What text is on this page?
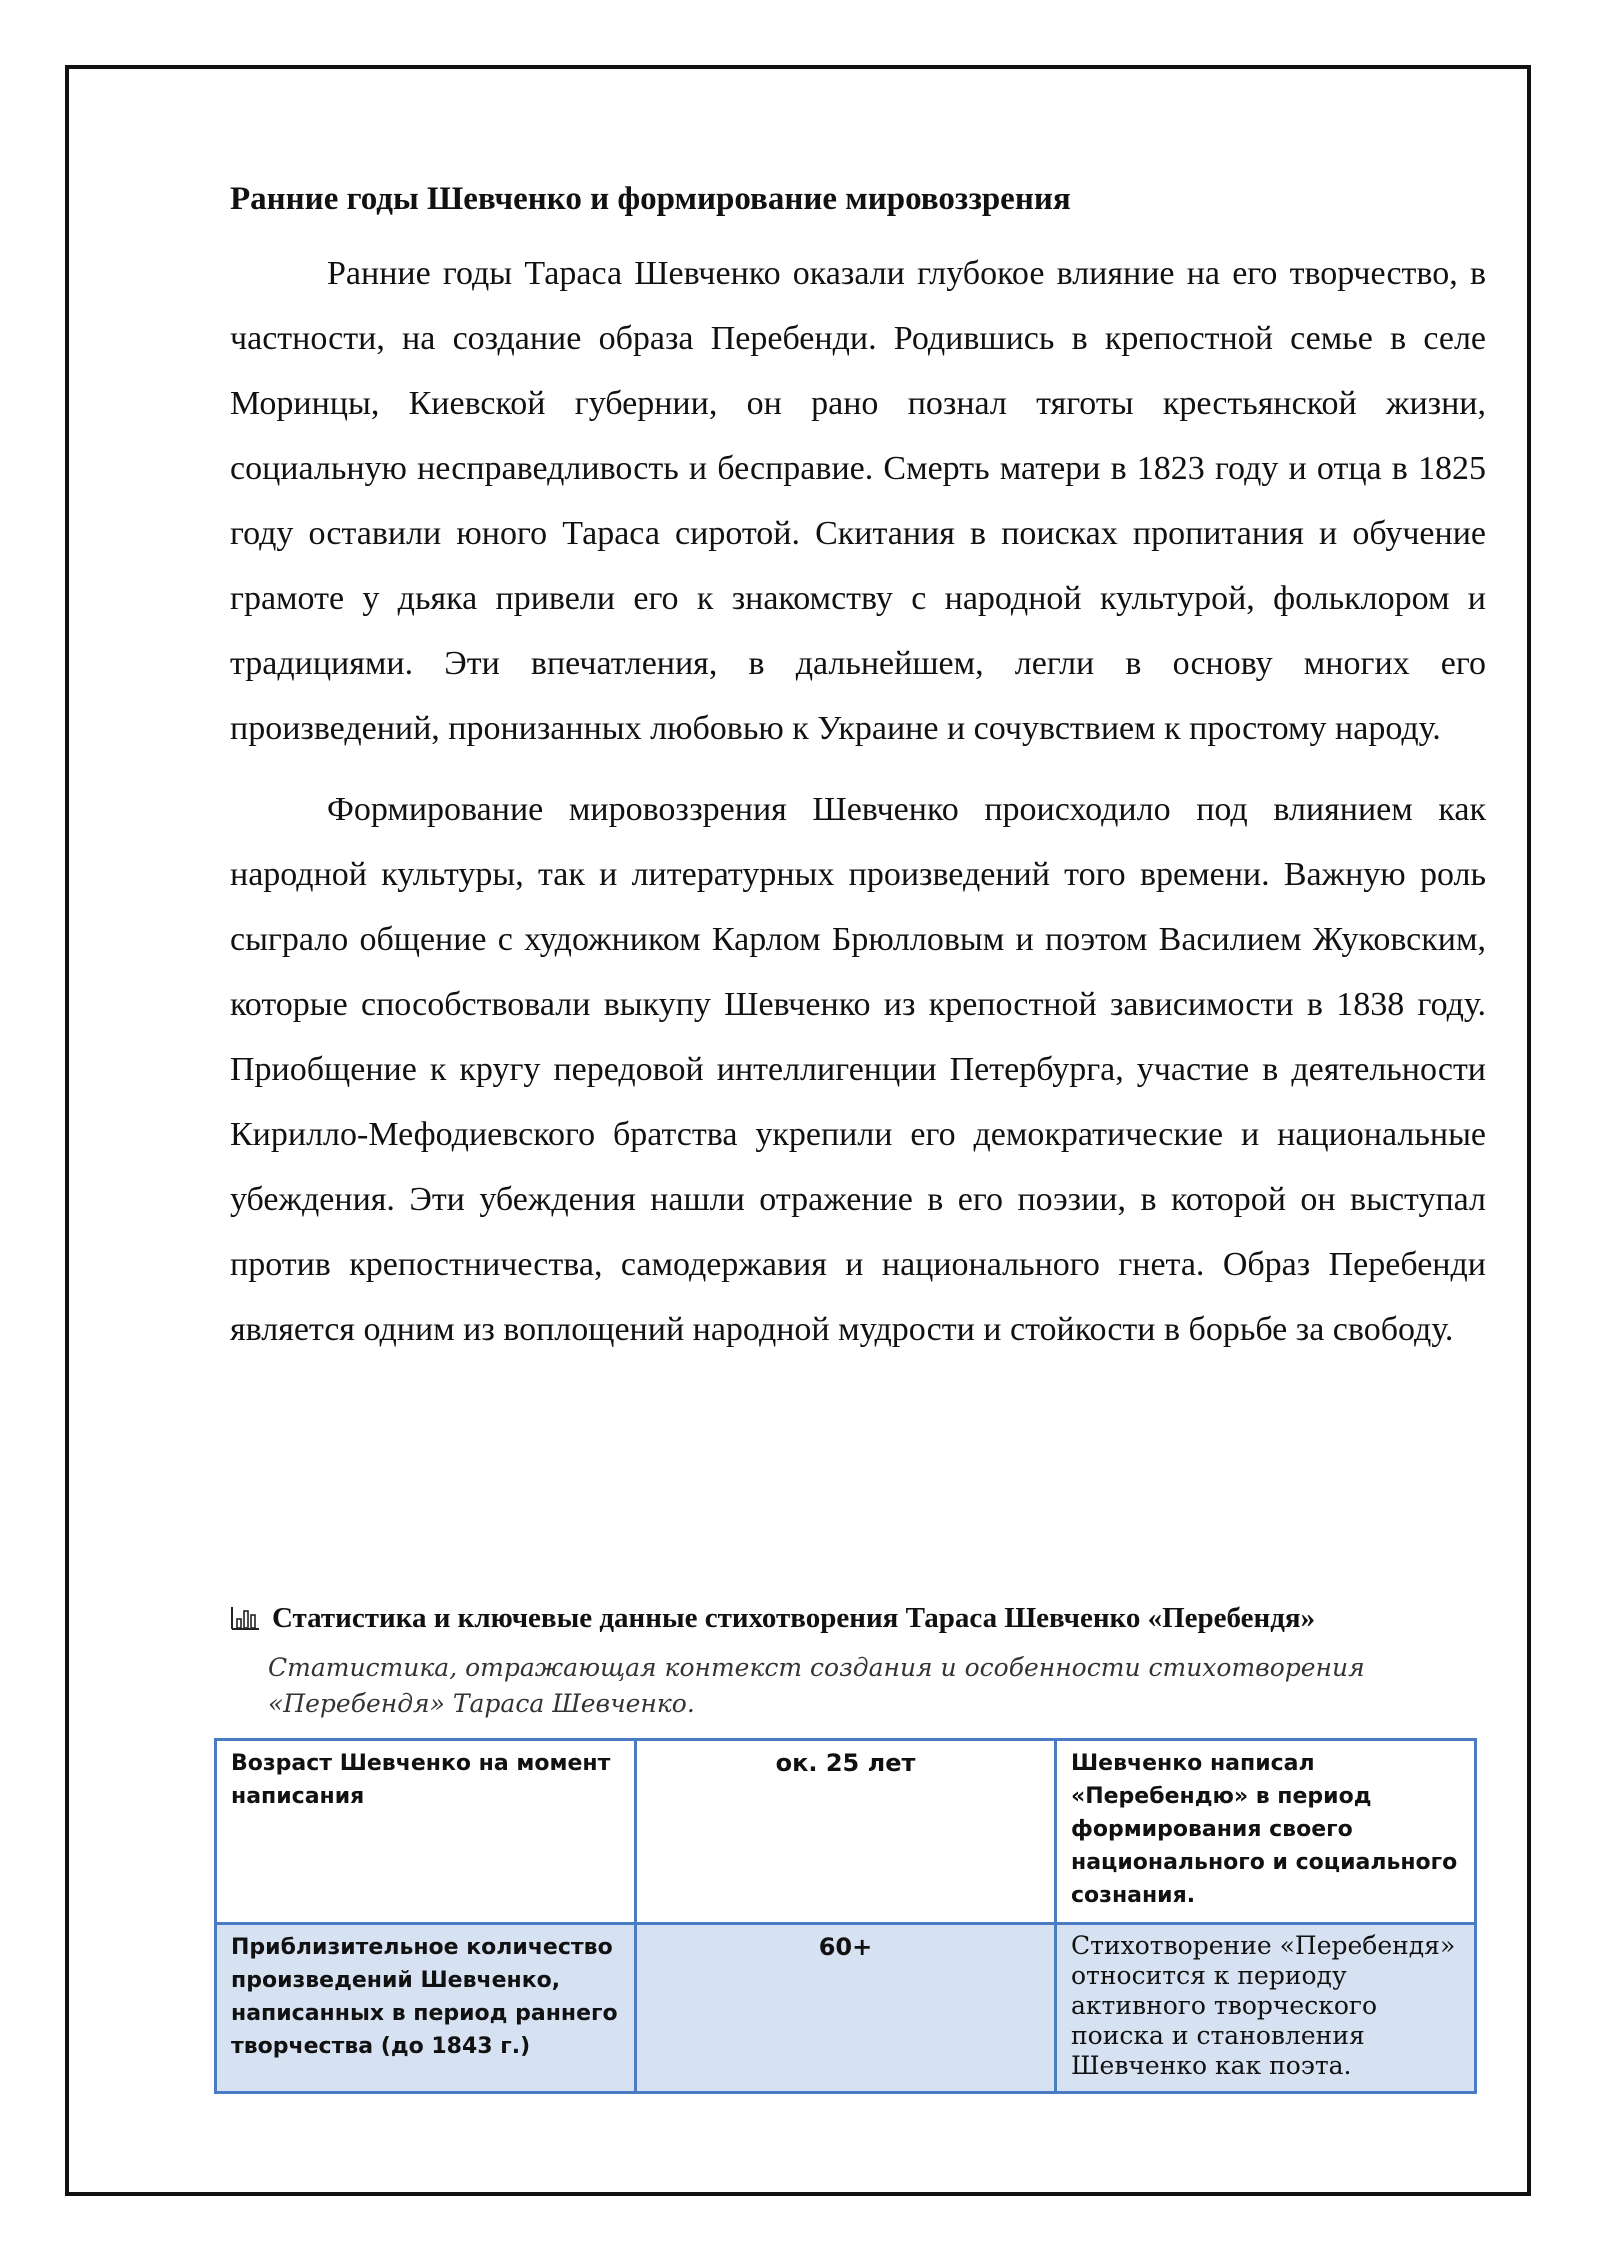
Ранние годы Шевченко и формирование мировоззрения

Ранние годы Тараса Шевченко оказали глубокое влияние на его творчество, в частности, на создание образа Перебенди. Родившись в крепостной семье в селе Моринцы, Киевской губернии, он рано познал тяготы крестьянской жизни, социальную несправедливость и бесправие. Смерть матери в 1823 году и отца в 1825 году оставили юного Тараса сиротой. Скитания в поисках пропитания и обучение грамоте у дьяка привели его к знакомству с народной культурой, фольклором и традициями. Эти впечатления, в дальнейшем, легли в основу многих его произведений, пронизанных любовью к Украине и сочувствием к простому народу.

Формирование мировоззрения Шевченко происходило под влиянием как народной культуры, так и литературных произведений того времени. Важную роль сыграло общение с художником Карлом Брюлловым и поэтом Василием Жуковским, которые способствовали выкупу Шевченко из крепостной зависимости в 1838 году. Приобщение к кругу передовой интеллигенции Петербурга, участие в деятельности Кирилло-Мефодиевского братства укрепили его демократические и национальные убеждения. Эти убеждения нашли отражение в его поэзии, в которой он выступал против крепостничества, самодержавия и национального гнета. Образ Перебенди является одним из воплощений народной мудрости и стойкости в борьбе за свободу.

Статистика и ключевые данные стихотворения Тараса Шевченко «Перебендя»
Статистика, отражающая контекст создания и особенности стихотворения «Перебендя» Тараса Шевченко.
Возраст Шевченко на момент написания	ок. 25 лет	Шевченко написал «Перебендю» в период формирования своего национального и социального сознания.
Приблизительное количество произведений Шевченко, написанных в период раннего творчества (до 1843 г.)	60+	Стихотворение «Перебендя» относится к периоду активного творческого поиска и становления Шевченко как поэта.
